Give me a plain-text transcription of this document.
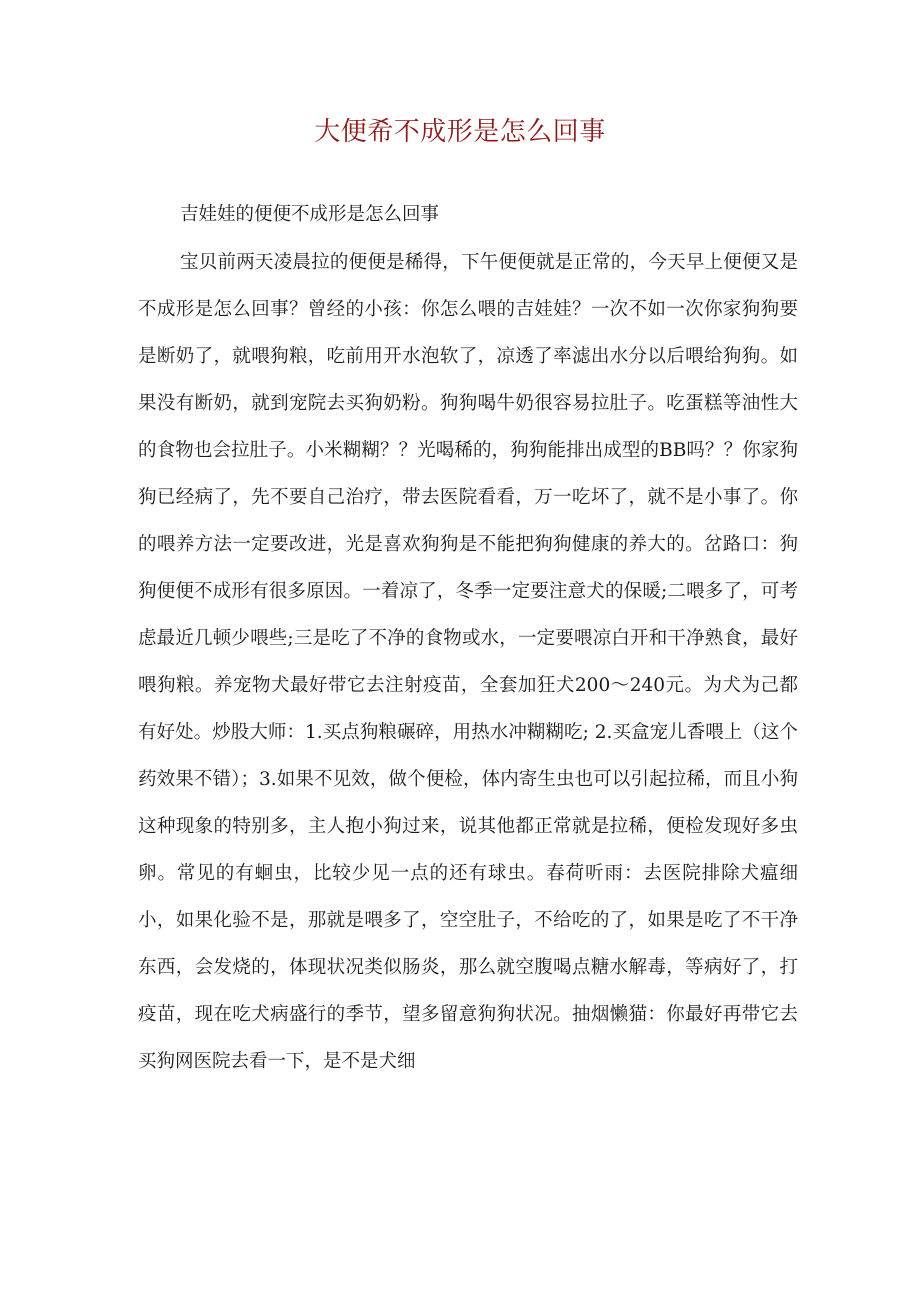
大便希不成形是怎么回事

吉娃娃的便便不成形是怎么回事

宝贝前两天凌晨拉的便便是稀得，下午便便就是正常的，今天早上便便又是不成形是怎么回事？曾经的小孩：你怎么喂的吉娃娃？一次不如一次你家狗狗要是断奶了，就喂狗粮，吃前用开水泡软了，凉透了率滤出水分以后喂给狗狗。如果没有断奶，就到宠院去买狗奶粉。狗狗喝牛奶很容易拉肚子。吃蛋糕等油性大的食物也会拉肚子。小米糊糊？？光喝稀的，狗狗能排出成型的BB吗？？你家狗狗已经病了，先不要自己治疗，带去医院看看，万一吃坏了，就不是小事了。你的喂养方法一定要改进，光是喜欢狗狗是不能把狗狗健康的养大的。岔路口：狗狗便便不成形有很多原因。一着凉了，冬季一定要注意犬的保暖;二喂多了，可考虑最近几顿少喂些;三是吃了不净的食物或水，一定要喂凉白开和干净熟食，最好喂狗粮。养宠物犬最好带它去注射疫苗，全套加狂犬200～240元。为犬为己都有好处。炒股大师：1.买点狗粮碾碎，用热水冲糊糊吃; 2.买盒宠儿香喂上（这个药效果不错）；3.如果不见效，做个便检，体内寄生虫也可以引起拉稀，而且小狗这种现象的特别多，主人抱小狗过来，说其他都正常就是拉稀，便检发现好多虫卵。常见的有蛔虫，比较少见一点的还有球虫。春荷听雨：去医院排除犬瘟细小，如果化验不是，那就是喂多了，空空肚子，不给吃的了，如果是吃了不干净东西，会发烧的，体现状况类似肠炎，那么就空腹喝点糖水解毒，等病好了，打疫苗，现在吃犬病盛行的季节，望多留意狗狗状况。抽烟懒猫：你最好再带它去买狗网医院去看一下，是不是犬细
